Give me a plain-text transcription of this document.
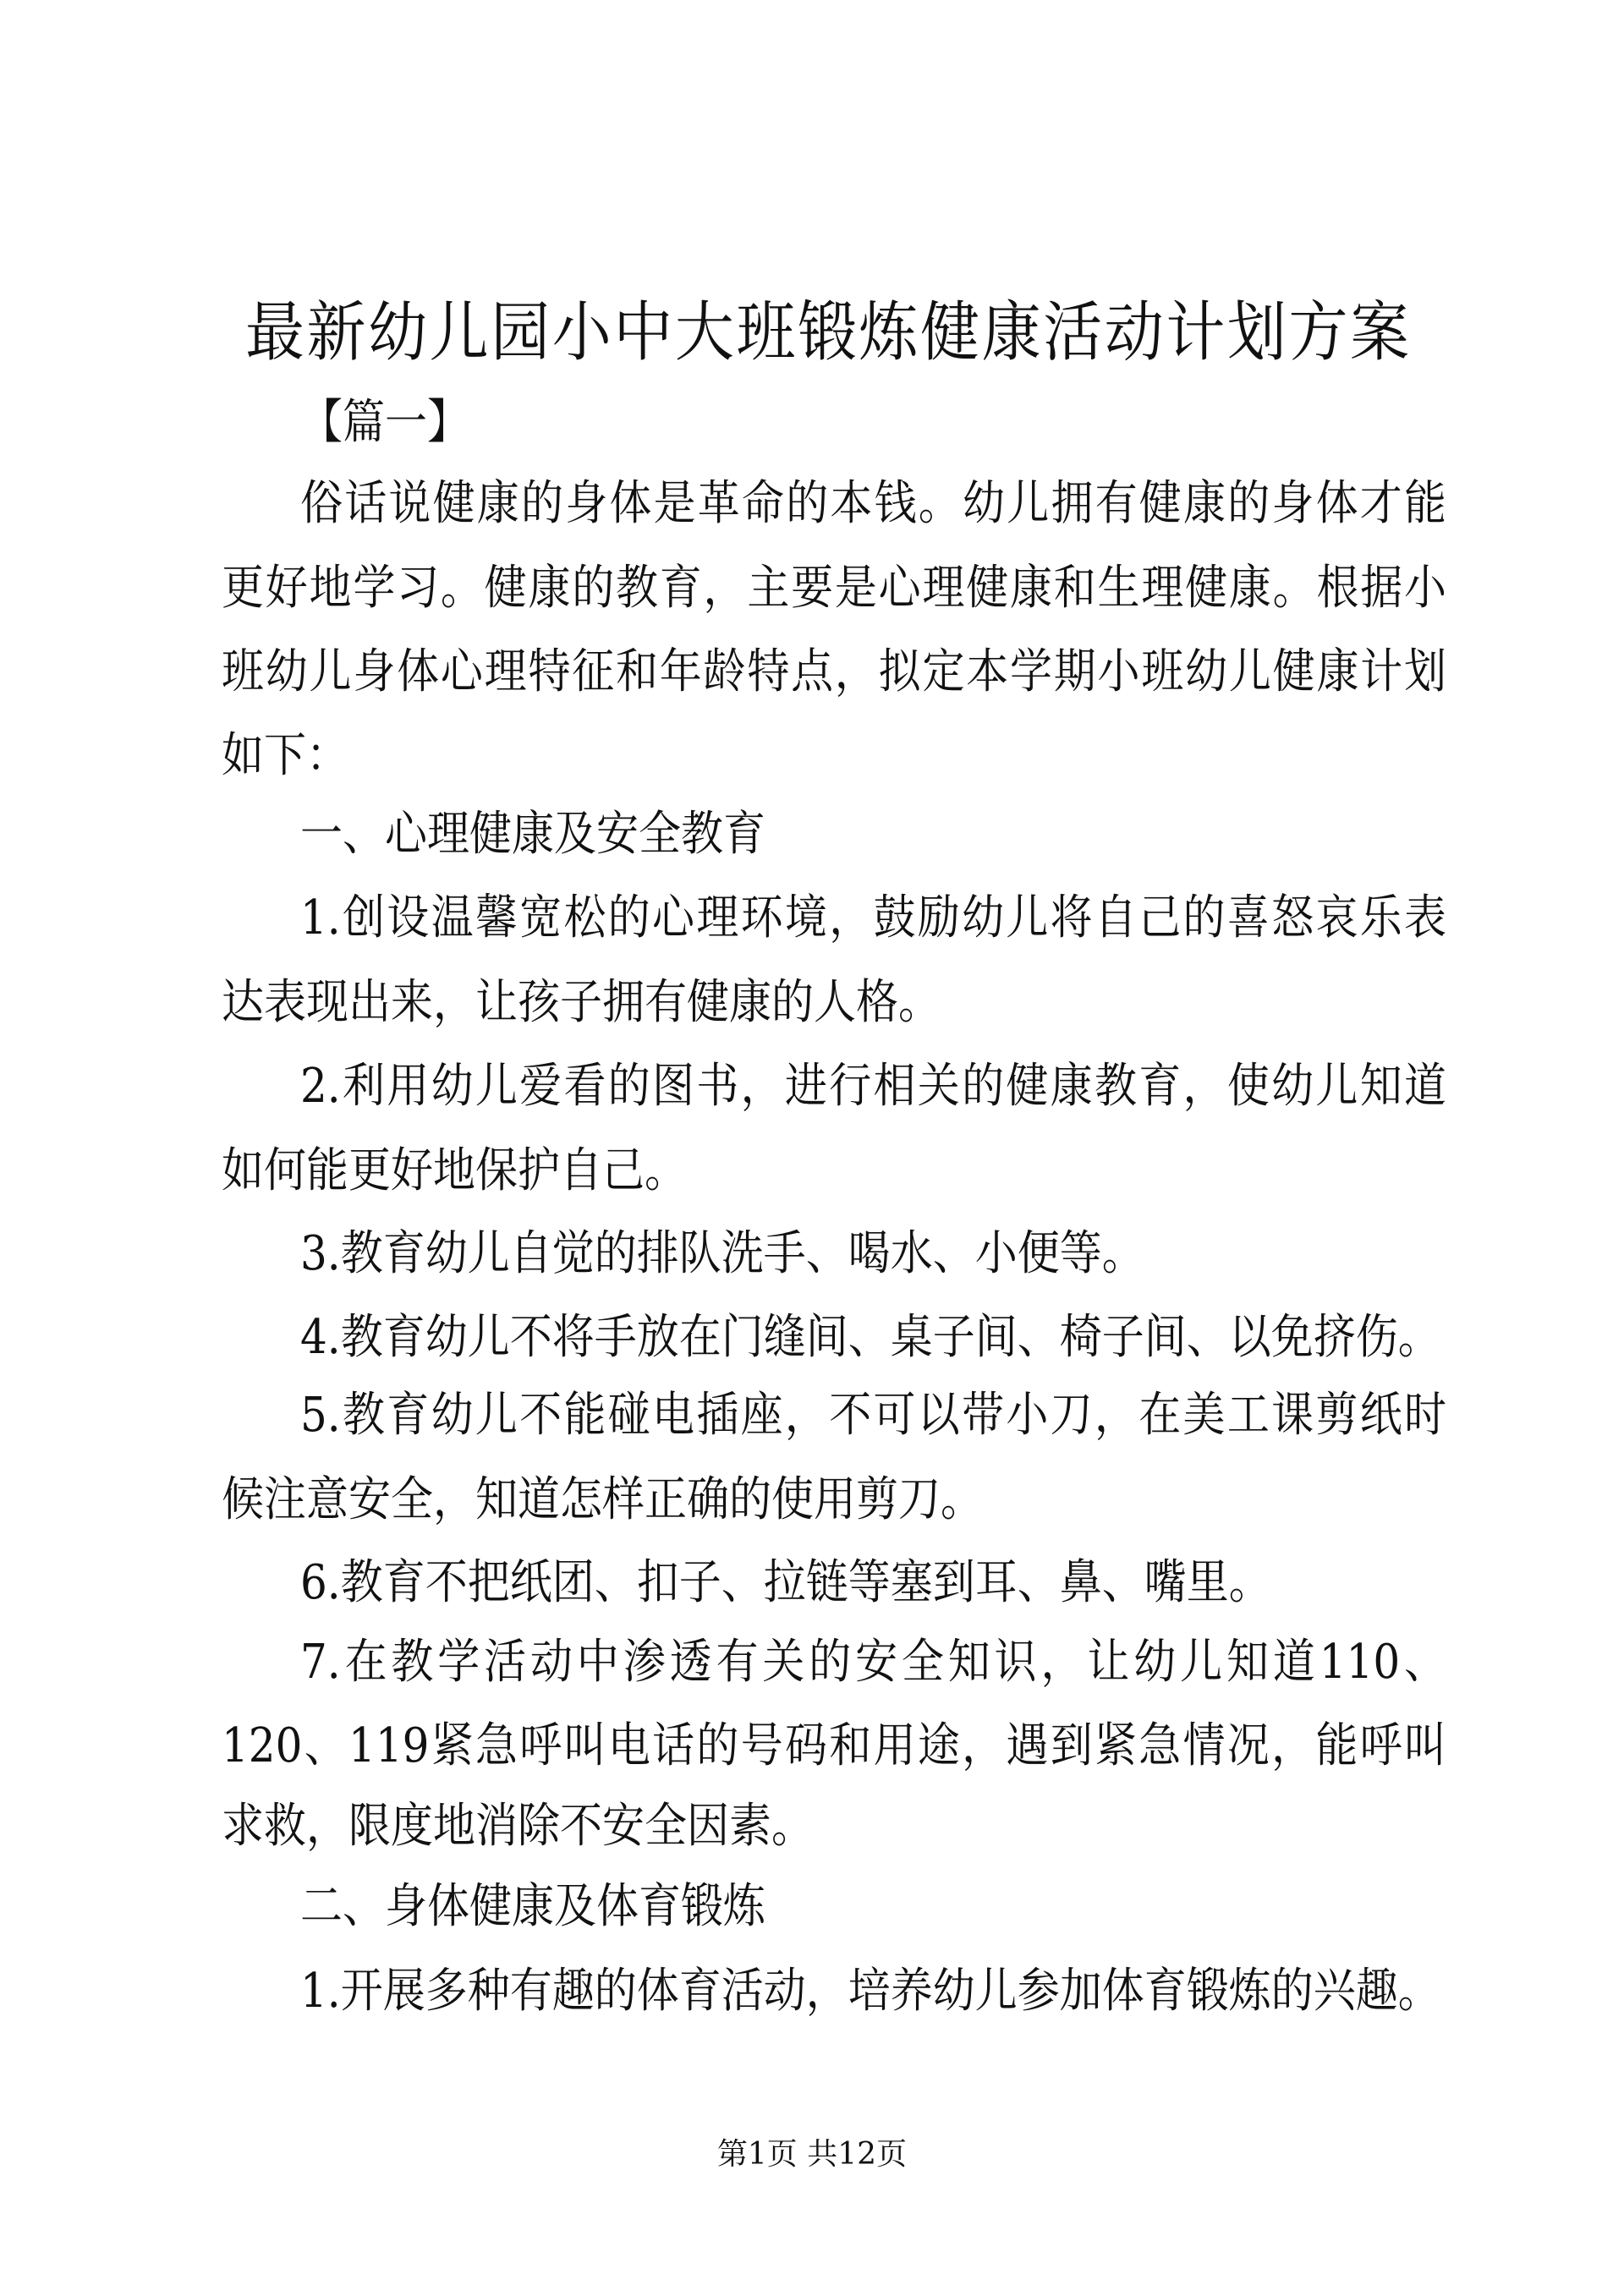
最新幼儿园小中大班锻炼健康活动计划方案
【篇一】
俗话说健康的身体是革命的本钱。幼儿拥有健康的身体才能
更好地学习。健康的教育，主要是心理健康和生理健康。根据小
班幼儿身体心理特征和年龄特点，拟定本学期小班幼儿健康计划
如下：
一、心理健康及安全教育
1.创设温馨宽松的心理环境，鼓励幼儿将自己的喜怒哀乐表
达表现出来，让孩子拥有健康的人格。
2.利用幼儿爱看的图书，进行相关的健康教育，使幼儿知道
如何能更好地保护自己。
3.教育幼儿自觉的排队洗手、喝水、小便等。
4.教育幼儿不将手放在门缝间、桌子间、椅子间、以免挤伤。
5.教育幼儿不能碰电插座，不可以带小刀，在美工课剪纸时
候注意安全，知道怎样正确的使用剪刀。
6.教育不把纸团、扣子、拉链等塞到耳、鼻、嘴里。
7.在教学活动中渗透有关的安全知识，让幼儿知道110、
120、119紧急呼叫电话的号码和用途，遇到紧急情况，能呼叫
求救，限度地消除不安全因素。
二、身体健康及体育锻炼
1.开展多种有趣的体育活动，培养幼儿参加体育锻炼的兴趣。
第1页 共12页
